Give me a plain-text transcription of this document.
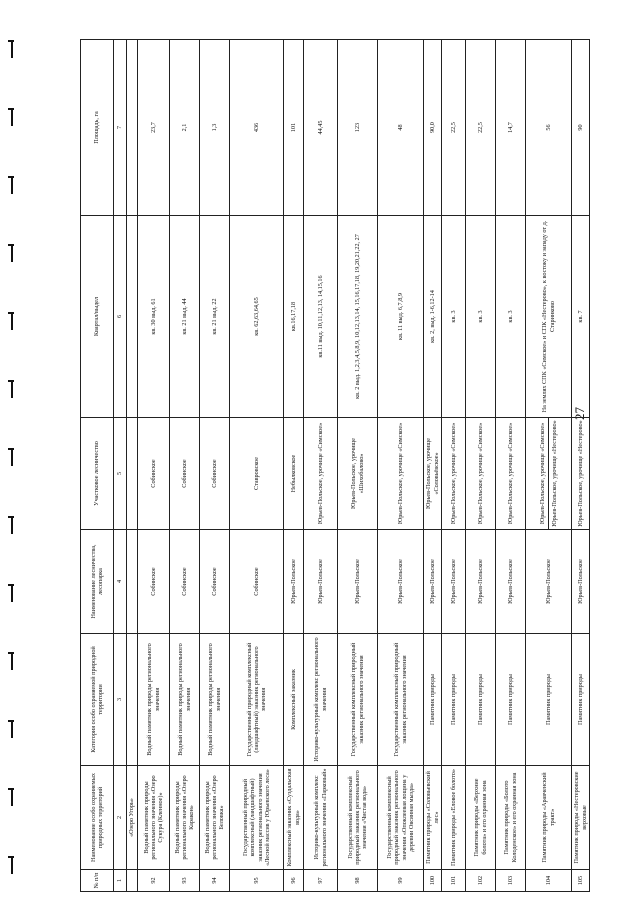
27
№ п/п	Наименование особо охраняемых природных территорий	Категория особо охраняемой природной территории	Наименование лесничества, лесопарка	Участковое лесничество	Квартал/выдел	Площадь, га
1	2	3	4	5	6	7
	«Озеро Угорь»					
92	Водный памятник природы регионального значения «Озеро Сукура (Кленное)»	Водный памятник природы регионального значения	Собинское	Собинское	кв. 30 выд. 61	23,7
93	Водный памятник природы регионального значения «Озеро Каракон»	Водный памятник природы регионального значения	Собинское	Собинское	кв. 21 выд. 44	2,1
94	Водный памятник природы регионального значения «Озеро Беловка»	Водный памятник природы регионального значения	Собинское	Собинское	кв. 21 выд. 22	1,3
95	Государственный природный комплексный (ландшафтный) заказник регионального значения «Лесной массив у Юрьевского леса»	Государственный природный комплексный (ландшафтный) заказник регионального значения	Собинское	Ставровское	кв. 62,63,64,65	436
96	Комплексный заказник «Суздальская вода»	Комплексный заказник	Юрьев-Польское	Небылковское	кв.16,17,18	101
97	Историко-культурный комплекс регионального значения «Парковый»	Историко-культурный комплекс регионального значения	Юрьев-Польское	Юрьев-Польское, урочище «Симское»	кв.11 выд. 10,11,12,13, 14,15,16	44,45
98	Государственный комплексный природный заказник регионального значения «Чистая вода»	Государственный комплексный природный заказник регионального значения	Юрьев-Польское	Юрьев-Польское, урочище «Шихобалово»	кв. 2 выд. 1,2,3,4,5,8,9, 10,12,13,14, 15,16,17,18, 19,20,21,22, 27	123
99	Государственный комплексный природный заказник регионального значения «Опоклеевая лощина у деревни Овсянная мызда»	Государственный комплексный природный заказник регионального значения	Юрьев-Польское	Юрьев-Польское, урочище «Симское»	кв. 11 выд. 6,7,8,9	48
100	Памятник природы «Соловьевский лес»	Памятник природы	Юрьев-Польское	Юрьев-Польское, урочище «Соловьёвское»	кв. 2, выд. 1-6,12-14	90,0
101	Памятник природы «Еловое болото»	Памятник природы	Юрьев-Польское	Юрьев-Польское, урочище «Симское»	кв. 3	22,5
102	Памятник природы «Верхние болота» и его охранная зона	Памятник природы	Юрьев-Польское	Юрьев-Польское, урочище «Симское»	кв. 3	22,5
103	Памятник природы «Болото Колоденское» и его охранная зона	Памятник природы	Юрьев-Польское	Юрьев-Польское, урочище «Симское»	кв. 3	14,7
104	Памятник природы «Аравченский тракт»	Памятник природы	Юрьев-Польское	Юрьев-Польское, урочище «Симское» Юрьев-Польское, урочище «Нестерово»	На землях СПК «Симское» и СПК «Нестерово», к востоку и западу от д. Старинково	56
105	Памятник природы «Нестеровские верховые	Памятник природы	Юрьев-Польское	Юрьев-Польское, урочище «Нестерово»	кв. 7	90
